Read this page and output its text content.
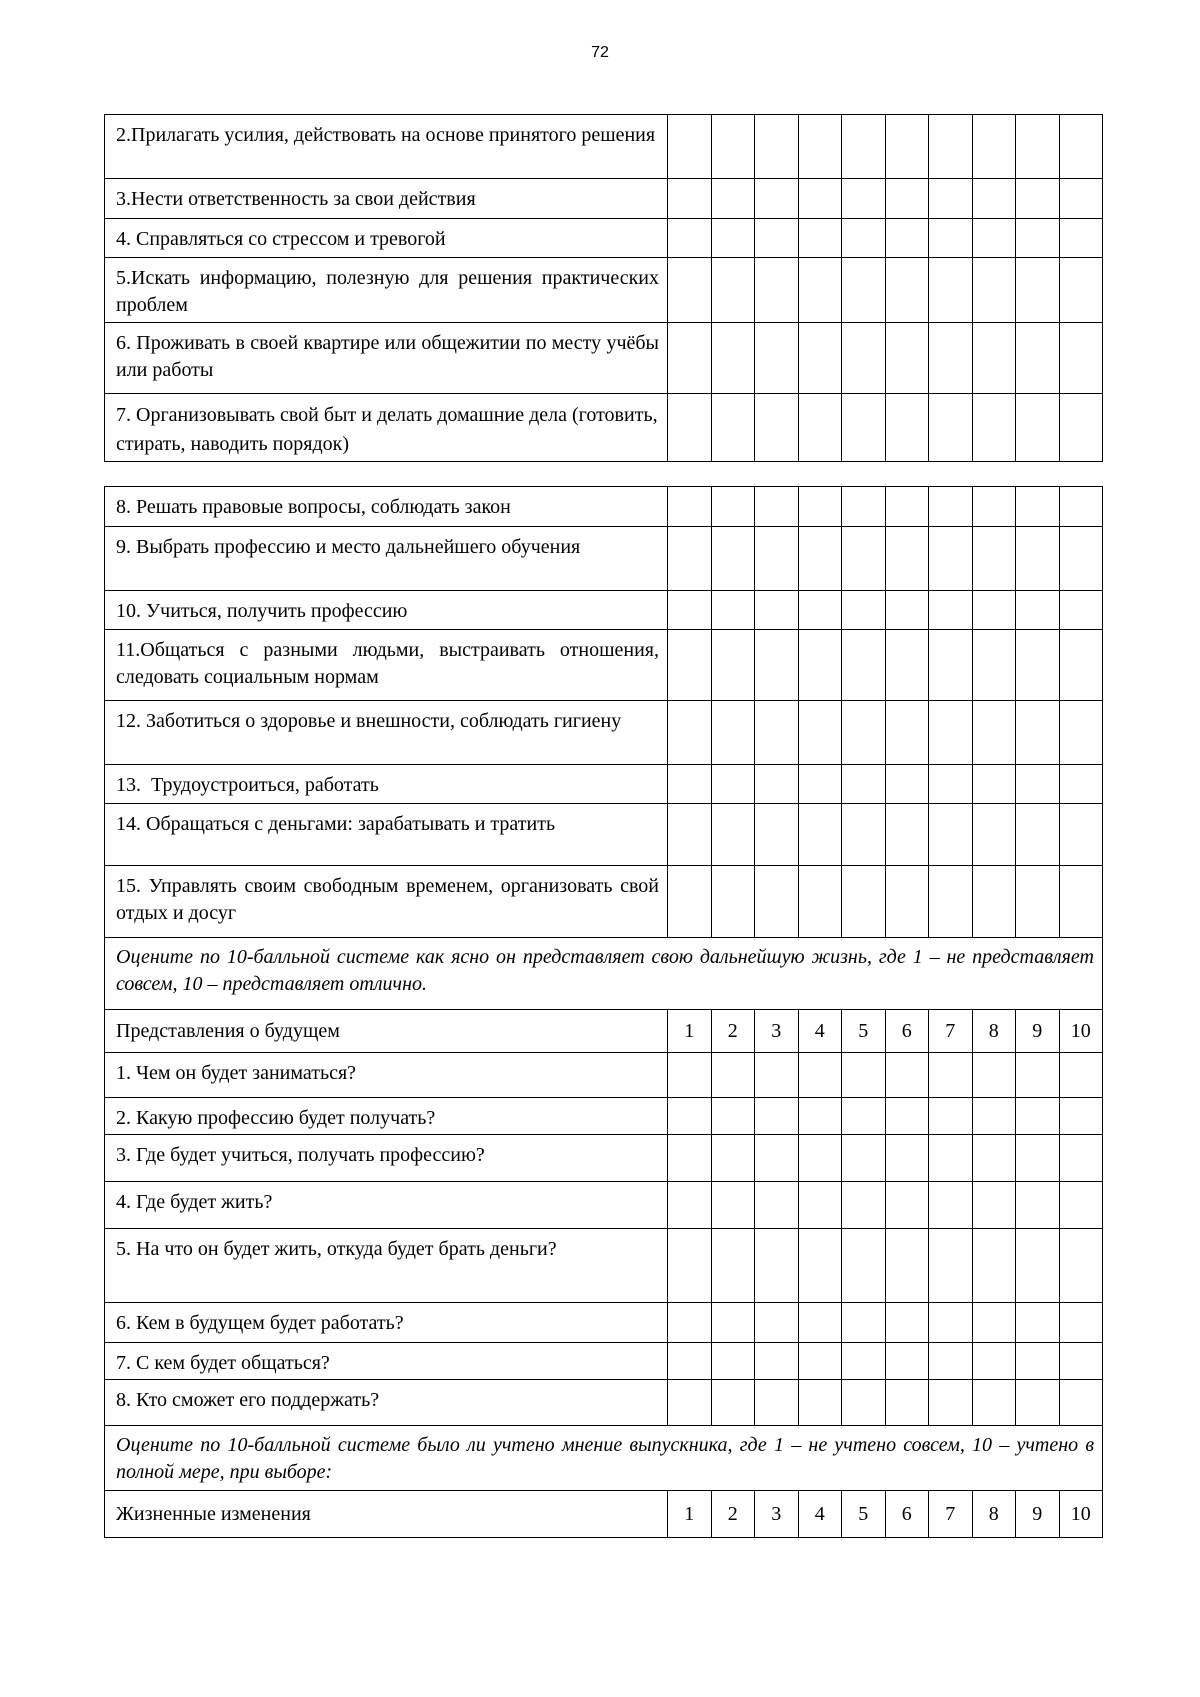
72
2.Прилагать усилия, действовать на основе принятого решения										
3.Нести ответственность за свои действия										
4. Справляться со стрессом и тревогой										
5.Искать информацию, полезную для решения практических проблем										
6. Проживать в своей квартире или общежитии по месту учёбы или работы										
7. Организовывать свой быт и делать домашние дела (готовить, стирать, наводить порядок)										
8. Решать правовые вопросы, соблюдать закон										
9. Выбрать профессию и место дальнейшего обучения										
10. Учиться, получить профессию										
11.Общаться с разными людьми, выстраивать отношения, следовать социальным нормам										
12. Заботиться о здоровье и внешности, соблюдать гигиену										
13.  Трудоустроиться, работать										
14. Обращаться с деньгами: зарабатывать и тратить										
15. Управлять своим свободным временем, организовать свой отдых и досуг										
Оцените по 10-балльной системе как ясно он представляет свою дальнейшую жизнь, где 1 – не представляет совсем, 10 – представляет отлично.										
Представления о будущем	1	2	3	4	5	6	7	8	9	10
1. Чем он будет заниматься?										
2. Какую профессию будет получать?										
3. Где будет учиться, получать профессию?										
4. Где будет жить?										
5. На что он будет жить, откуда будет брать деньги?										
6. Кем в будущем будет работать?										
7. С кем будет общаться?										
8. Кто сможет его поддержать?										
Оцените по 10-балльной системе было ли учтено мнение выпускника, где 1 – не учтено совсем, 10 – учтено в полной мере, при выборе:										
Жизненные изменения	1	2	3	4	5	6	7	8	9	10
